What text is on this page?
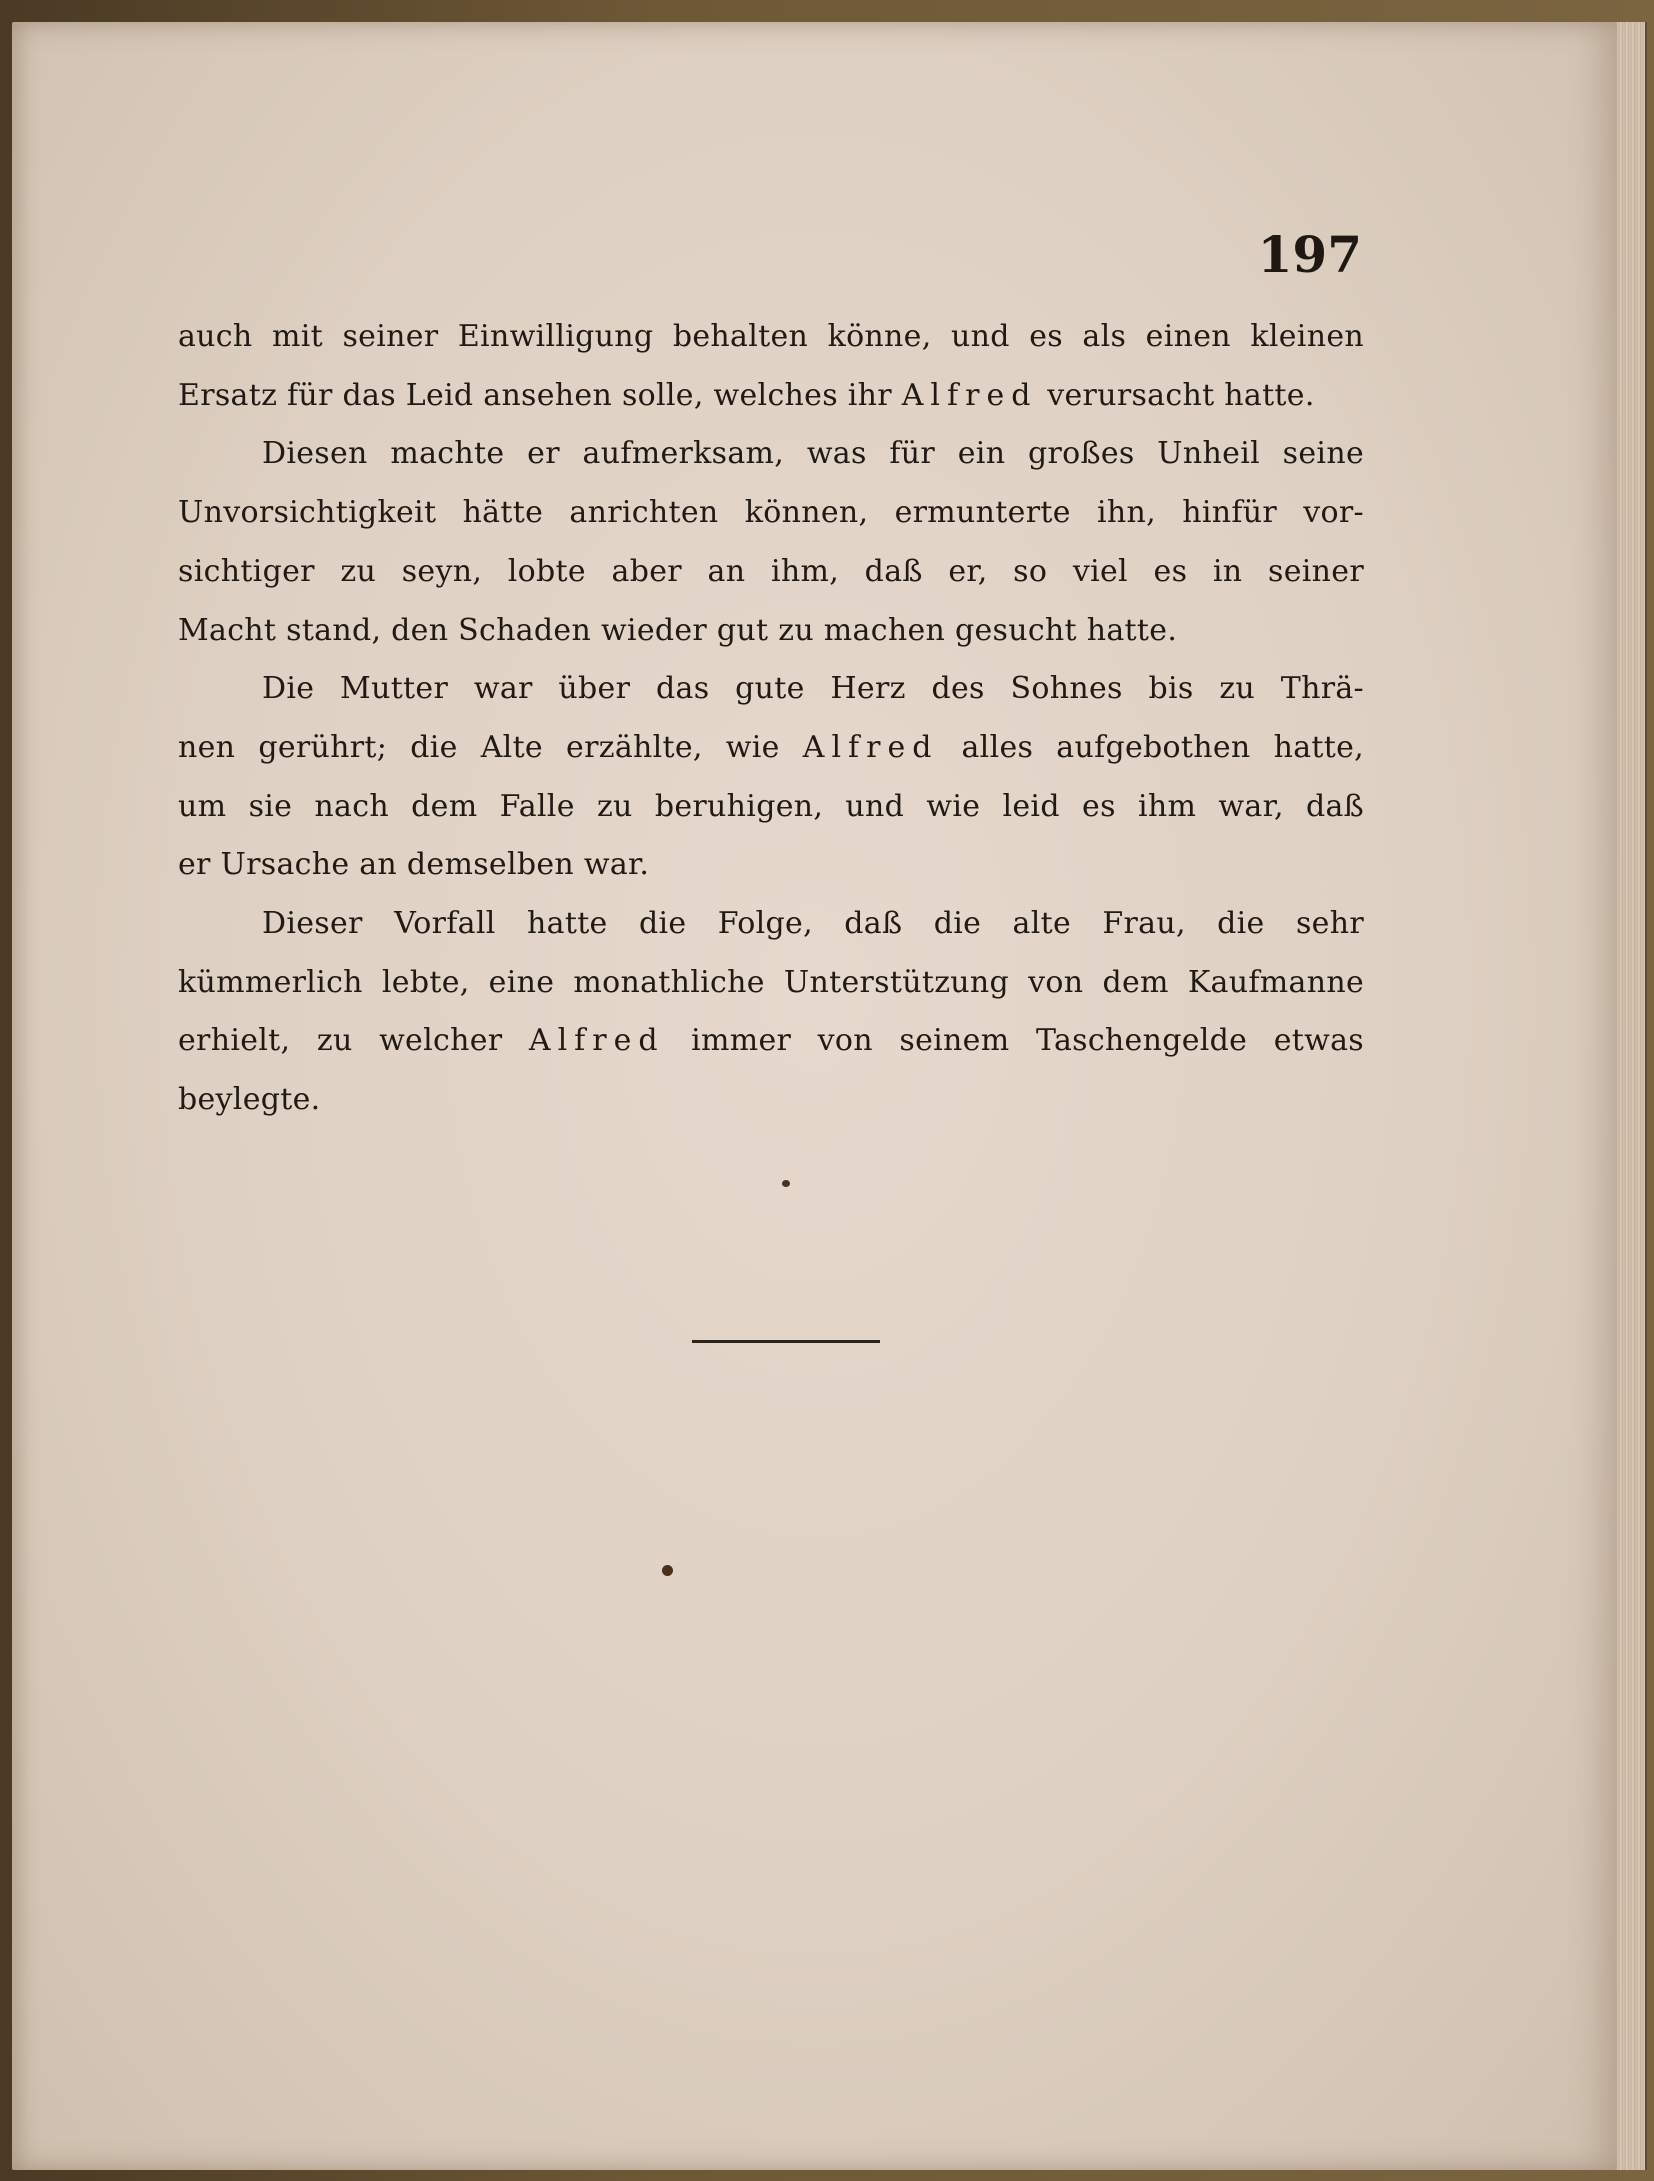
197
auch mit seiner Einwilligung behalten könne, und es als einen kleinen
Ersatz für das Leid ansehen solle, welches ihr Alfred verursacht hatte.
Diesen machte er aufmerksam, was für ein großes Unheil seine
Unvorsichtigkeit hätte anrichten können, ermunterte ihn, hinfür vor-
sichtiger zu seyn, lobte aber an ihm, daß er, so viel es in seiner
Macht stand, den Schaden wieder gut zu machen gesucht hatte.
Die Mutter war über das gute Herz des Sohnes bis zu Thrä-
nen gerührt; die Alte erzählte, wie Alfred alles aufgebothen hatte,
um sie nach dem Falle zu beruhigen, und wie leid es ihm war, daß
er Ursache an demselben war.
Dieser Vorfall hatte die Folge, daß die alte Frau, die sehr
kümmerlich lebte, eine monathliche Unterstützung von dem Kaufmanne
erhielt, zu welcher Alfred immer von seinem Taschengelde etwas
beylegte.
